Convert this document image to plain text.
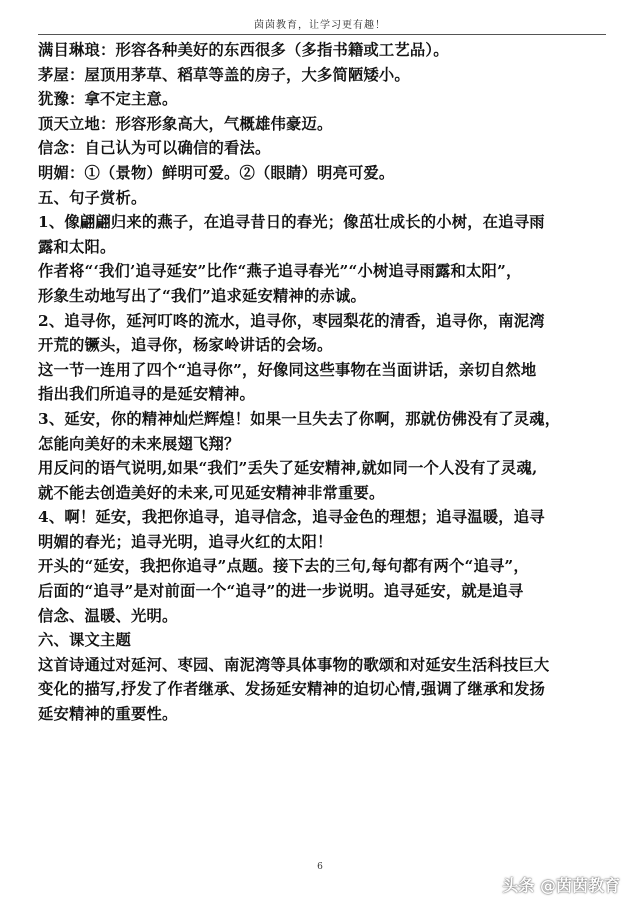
茵茵教育，让学习更有趣！
满目琳琅：形容各种美好的东西很多（多指书籍或工艺品）。
茅屋：屋顶用茅草、稻草等盖的房子，大多简陋矮小。
犹豫：拿不定主意。
顶天立地：形容形象高大，气概雄伟豪迈。
信念：自己认为可以确信的看法。
明媚：①（景物）鲜明可爱。②（眼睛）明亮可爱。
五、句子赏析。
1、像翩翩归来的燕子，在追寻昔日的春光；像茁壮成长的小树，在追寻雨
露和太阳。
作者将“‘我们’追寻延安”比作“燕子追寻春光”“小树追寻雨露和太阳”，
形象生动地写出了“我们”追求延安精神的赤诚。
2、追寻你，延河叮咚的流水，追寻你，枣园梨花的清香，追寻你，南泥湾
开荒的镢头，追寻你，杨家岭讲话的会场。
这一节一连用了四个“追寻你”，好像同这些事物在当面讲话，亲切自然地
指出我们所追寻的是延安精神。
3、延安，你的精神灿烂辉煌！如果一旦失去了你啊，那就仿佛没有了灵魂，
怎能向美好的未来展翅飞翔？
用反问的语气说明,如果“我们”丢失了延安精神,就如同一个人没有了灵魂,
就不能去创造美好的未来,可见延安精神非常重要。
4、啊！延安，我把你追寻，追寻信念，追寻金色的理想；追寻温暖，追寻
明媚的春光；追寻光明，追寻火红的太阳！
开头的“延安，我把你追寻”点题。接下去的三句,每句都有两个“追寻”，
后面的“追寻”是对前面一个“追寻”的进一步说明。追寻延安，就是追寻
信念、温暖、光明。
六、课文主题
这首诗通过对延河、枣园、南泥湾等具体事物的歌颂和对延安生活科技巨大
变化的描写,抒发了作者继承、发扬延安精神的迫切心情,强调了继承和发扬
延安精神的重要性。
6
头条 @茵茵教育
